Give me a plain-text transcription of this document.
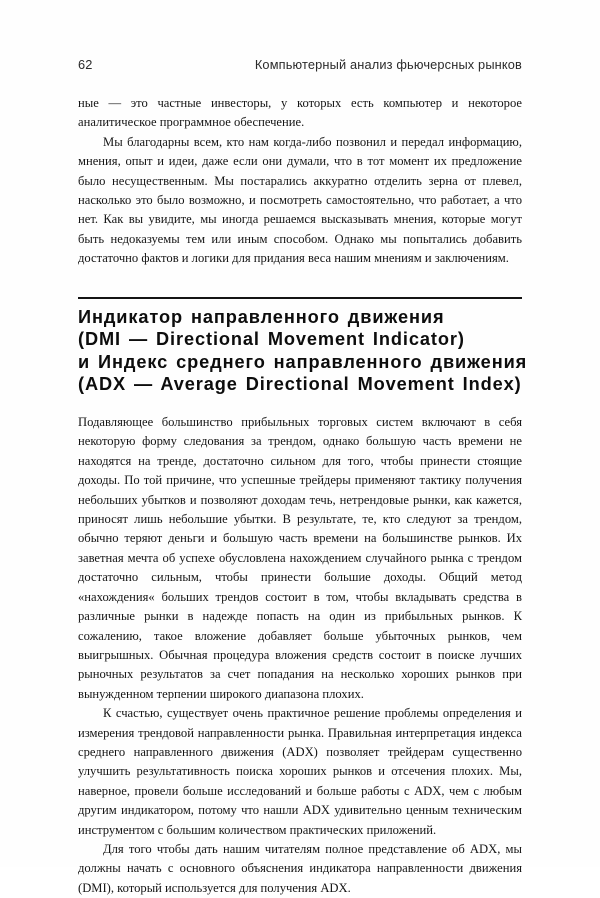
62	Компьютерный анализ фьючерсных рынков

ные — это частные инвесторы, у которых есть компьютер и некоторое аналитическое программное обеспечение.

Мы благодарны всем, кто нам когда-либо позвонил и передал информацию, мнения, опыт и идеи, даже если они думали, что в тот момент их предложение было несущественным. Мы постарались аккуратно отделить зерна от плевел, насколько это было возможно, и посмотреть самостоятельно, что работает, а что нет. Как вы увидите, мы иногда решаемся высказывать мнения, которые могут быть недоказуемы тем или иным способом. Однако мы попытались добавить достаточно фактов и логики для придания веса нашим мнениям и заключениям.

Индикатор направленного движения
(DMI — Directional Movement Indicator)
и Индекс среднего направленного движения
(ADX — Average Directional Movement Index)

Подавляющее большинство прибыльных торговых систем включают в себя некоторую форму следования за трендом, однако большую часть времени не находятся на тренде, достаточно сильном для того, чтобы принести стоящие доходы. По той причине, что успешные трейдеры применяют тактику получения небольших убытков и позволяют доходам течь, нетрендовые рынки, как кажется, приносят лишь небольшие убытки. В результате, те, кто следуют за трендом, обычно теряют деньги и большую часть времени на большинстве рынков. Их заветная мечта об успехе обусловлена нахождением случайного рынка с трендом достаточно сильным, чтобы принести большие доходы. Общий метод «нахождения« больших трендов состоит в том, чтобы вкладывать средства в различные рынки в надежде попасть на один из прибыльных рынков. К сожалению, такое вложение добавляет больше убыточных рынков, чем выигрышных. Обычная процедура вложения средств состоит в поиске лучших рыночных результатов за счет попадания на несколько хороших рынков при вынужденном терпении широкого диапазона плохих.

К счастью, существует очень практичное решение проблемы определения и измерения трендовой направленности рынка. Правильная интерпретация индекса среднего направленного движения (ADX) позволяет трейдерам существенно улучшить результативность поиска хороших рынков и отсечения плохих. Мы, наверное, провели больше исследований и больше работы с ADX, чем с любым другим индикатором, потому что нашли ADX удивительно ценным техническим инструментом с большим количеством практических приложений.

Для того чтобы дать нашим читателям полное представление об ADX, мы должны начать с основного объяснения индикатора направленности движения (DMI), который используется для получения ADX.
